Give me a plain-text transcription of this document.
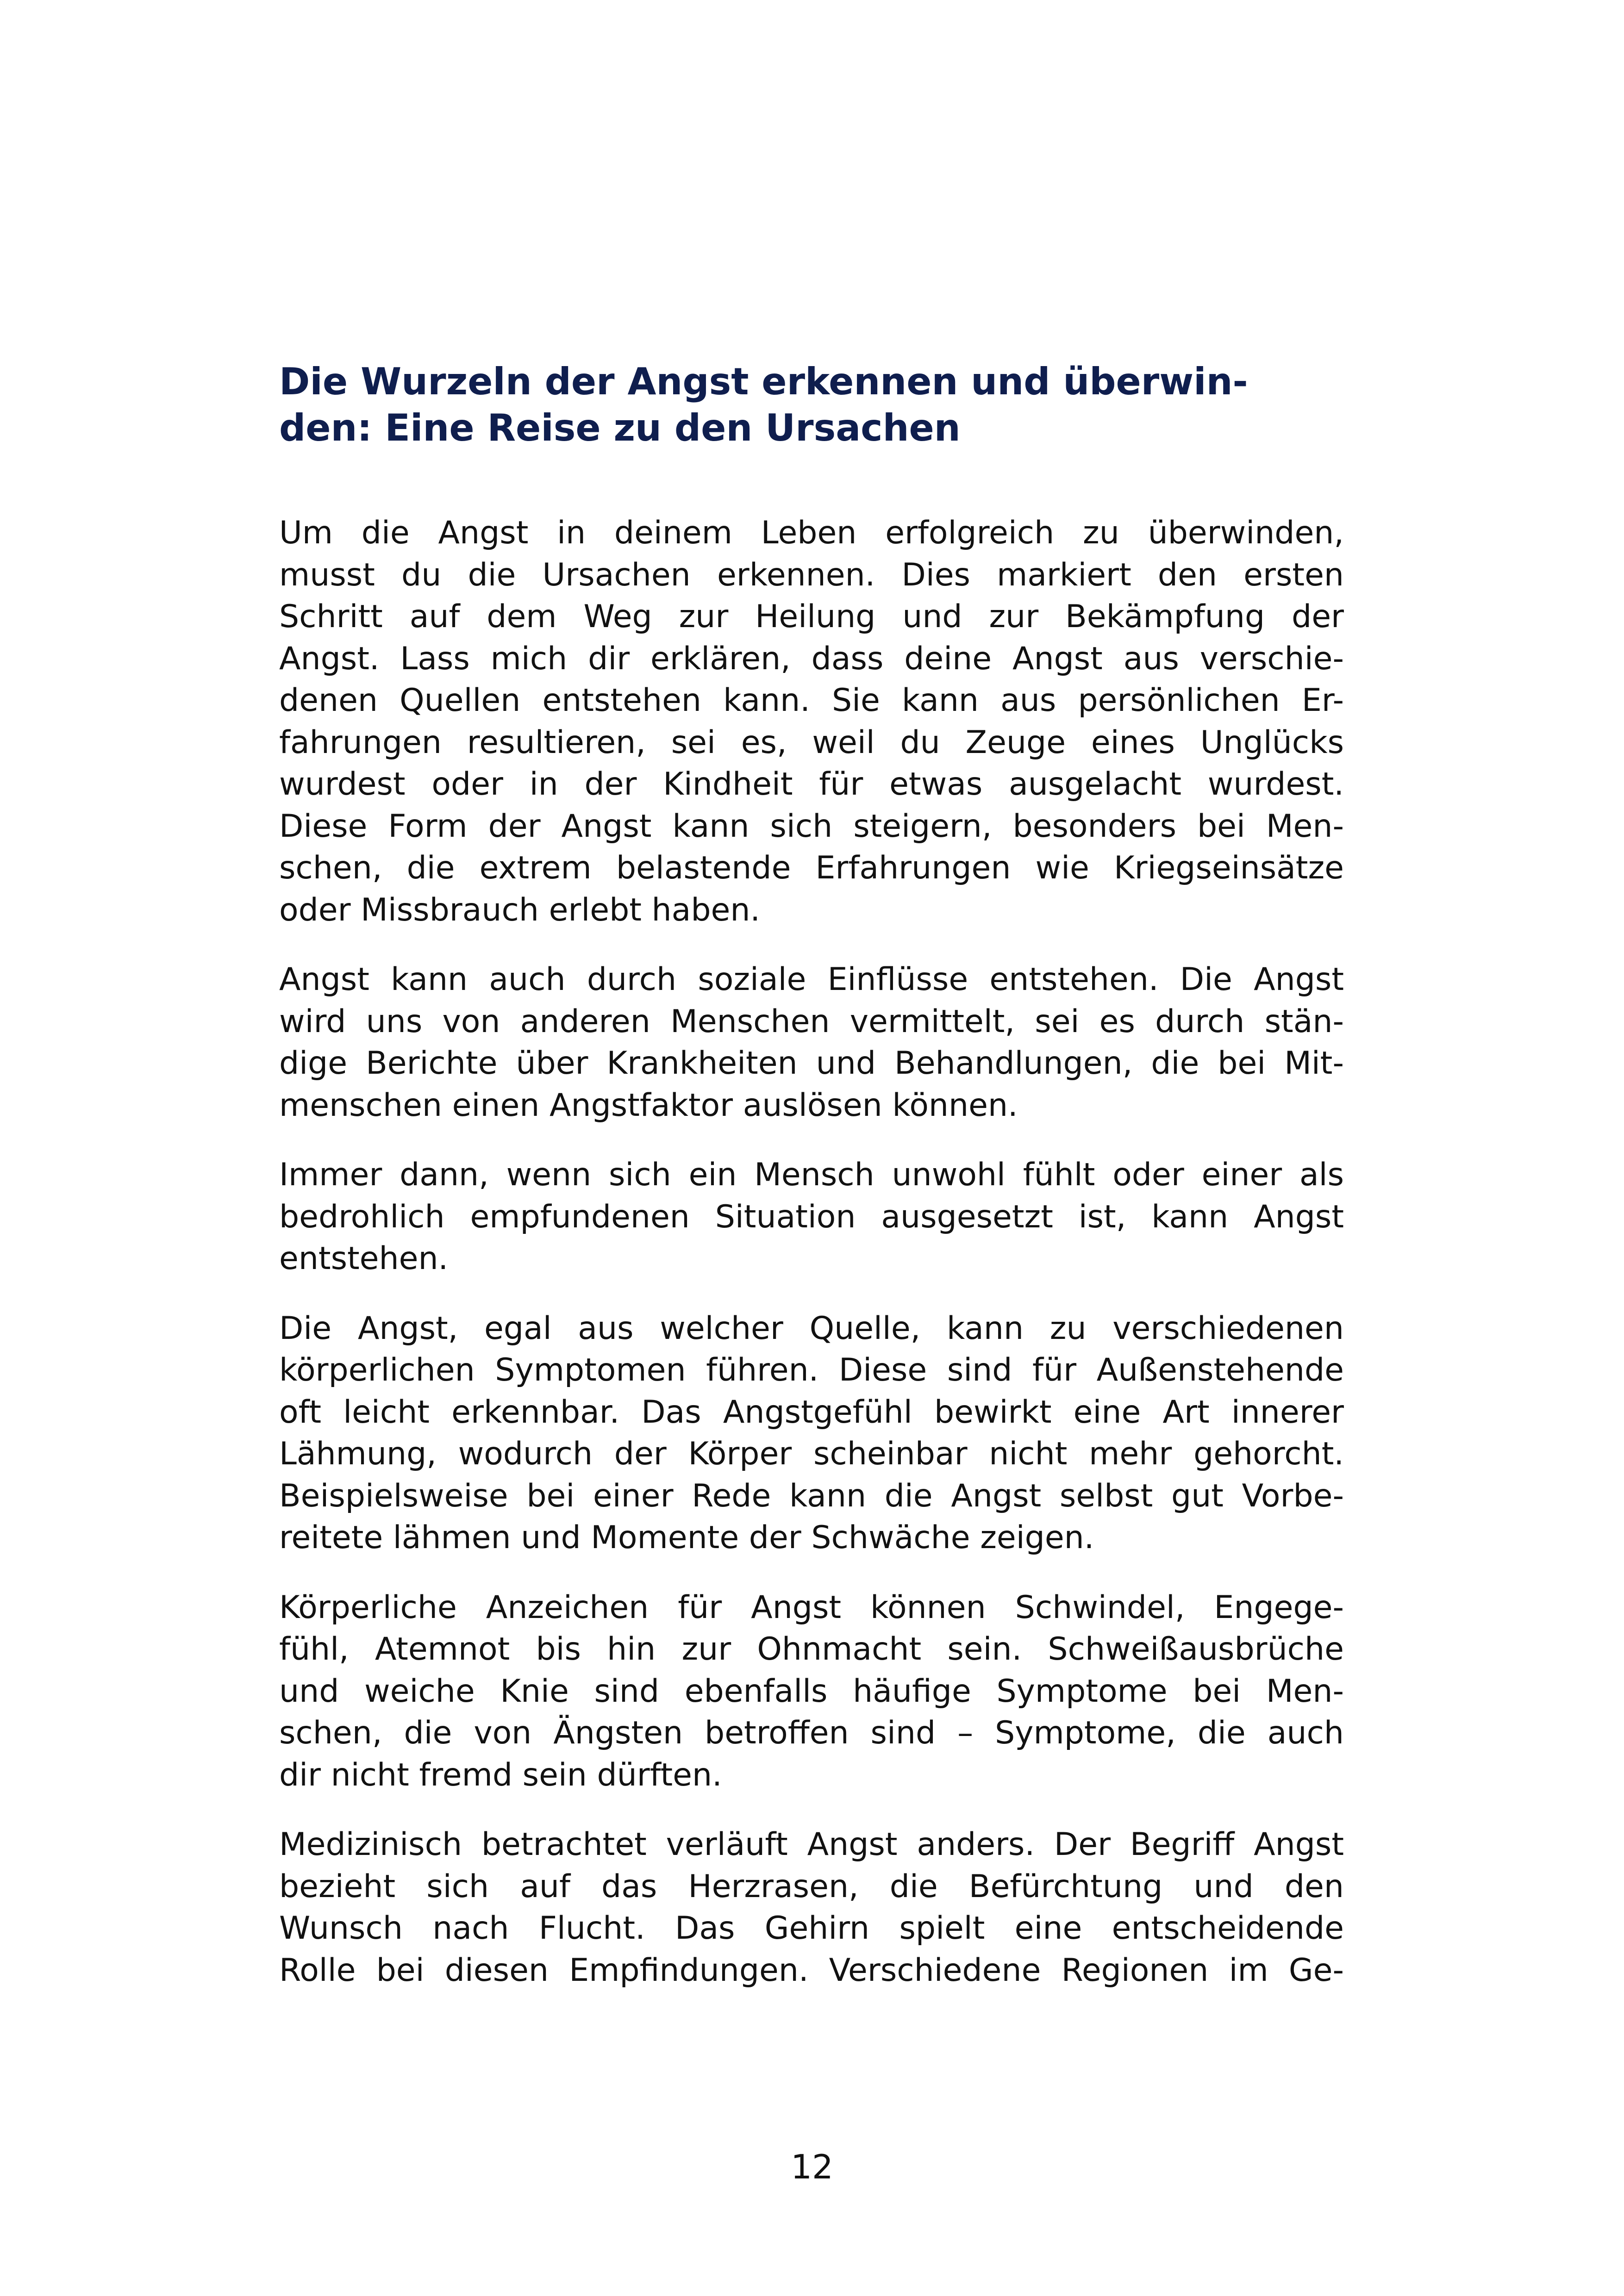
Die Wurzeln der Angst erkennen und überwin-
den: Eine Reise zu den Ursachen

Um die Angst in deinem Leben erfolgreich zu überwinden,
musst du die Ursachen erkennen. Dies markiert den ersten
Schritt auf dem Weg zur Heilung und zur Bekämpfung der
Angst. Lass mich dir erklären, dass deine Angst aus verschie-
denen Quellen entstehen kann. Sie kann aus persönlichen Er-
fahrungen resultieren, sei es, weil du Zeuge eines Unglücks
wurdest oder in der Kindheit für etwas ausgelacht wurdest.
Diese Form der Angst kann sich steigern, besonders bei Men-
schen, die extrem belastende Erfahrungen wie Kriegseinsätze
oder Missbrauch erlebt haben.

Angst kann auch durch soziale Einflüsse entstehen. Die Angst
wird uns von anderen Menschen vermittelt, sei es durch stän-
dige Berichte über Krankheiten und Behandlungen, die bei Mit-
menschen einen Angstfaktor auslösen können.

Immer dann, wenn sich ein Mensch unwohl fühlt oder einer als
bedrohlich empfundenen Situation ausgesetzt ist, kann Angst
entstehen.

Die Angst, egal aus welcher Quelle, kann zu verschiedenen
körperlichen Symptomen führen. Diese sind für Außenstehende
oft leicht erkennbar. Das Angstgefühl bewirkt eine Art innerer
Lähmung, wodurch der Körper scheinbar nicht mehr gehorcht.
Beispielsweise bei einer Rede kann die Angst selbst gut Vorbe-
reitete lähmen und Momente der Schwäche zeigen.

Körperliche Anzeichen für Angst können Schwindel, Engege-
fühl, Atemnot bis hin zur Ohnmacht sein. Schweißausbrüche
und weiche Knie sind ebenfalls häufige Symptome bei Men-
schen, die von Ängsten betroffen sind – Symptome, die auch
dir nicht fremd sein dürften.

Medizinisch betrachtet verläuft Angst anders. Der Begriff Angst
bezieht sich auf das Herzrasen, die Befürchtung und den
Wunsch nach Flucht. Das Gehirn spielt eine entscheidende
Rolle bei diesen Empfindungen. Verschiedene Regionen im Ge-

12
